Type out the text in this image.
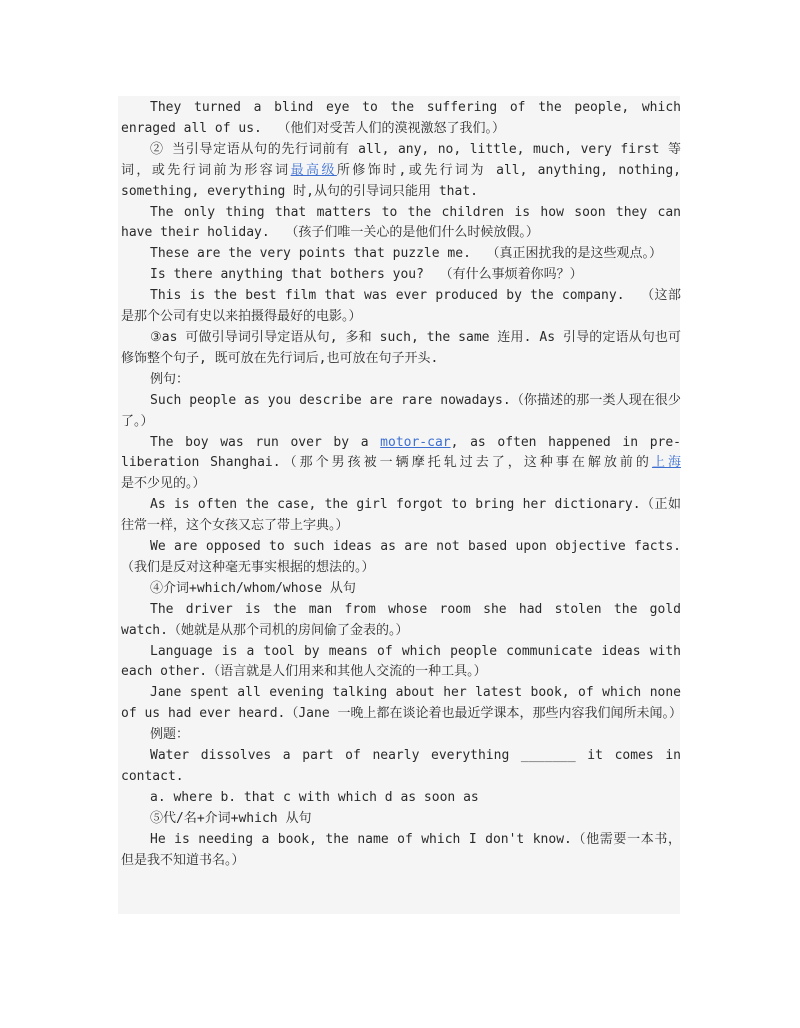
They turned a blind eye to the suffering of the people, which enraged all of us.  （他们对受苦人们的漠视激怒了我们。）

② 当引导定语从句的先行词前有 all, any, no, little, much, very first 等词，或先行词前为形容词最高级所修饰时,或先行词为 all, anything, nothing, something, everything 时,从句的引导词只能用 that.

The only thing that matters to the children is how soon they can have their holiday.  （孩子们唯一关心的是他们什么时候放假。）

These are the very points that puzzle me.  （真正困扰我的是这些观点。）

Is there anything that bothers you?  （有什么事烦着你吗？）

This is the best film that was ever produced by the company.  （这部是那个公司有史以来拍摄得最好的电影。）

③as 可做引导词引导定语从句, 多和 such, the same 连用. As 引导的定语从句也可修饰整个句子, 既可放在先行词后,也可放在句子开头.

例句：

Such people as you describe are rare nowadays.（你描述的那一类人现在很少了。）

The boy was run over by a motor-car, as often happened in pre-liberation Shanghai.（那个男孩被一辆摩托轧过去了，这种事在解放前的上海是不少见的。）

As is often the case, the girl forgot to bring her dictionary.（正如往常一样，这个女孩又忘了带上字典。）

We are opposed to such ideas as are not based upon objective facts.（我们是反对这种毫无事实根据的想法的。）

④介词+which/whom/whose 从句

The driver is the man from whose room she had stolen the gold watch.（她就是从那个司机的房间偷了金表的。）

Language is a tool by means of which people communicate ideas with each other.（语言就是人们用来和其他人交流的一种工具。）

Jane spent all evening talking about her latest book, of which none of us had ever heard.（Jane 一晚上都在谈论着也最近学课本，那些内容我们闻所未闻。）

例题：

Water dissolves a part of nearly everything _______ it comes in contact.

a. where b. that c with which d as soon as

⑤代/名+介词+which 从句

He is needing a book, the name of which I don't know.（他需要一本书，但是我不知道书名。）
